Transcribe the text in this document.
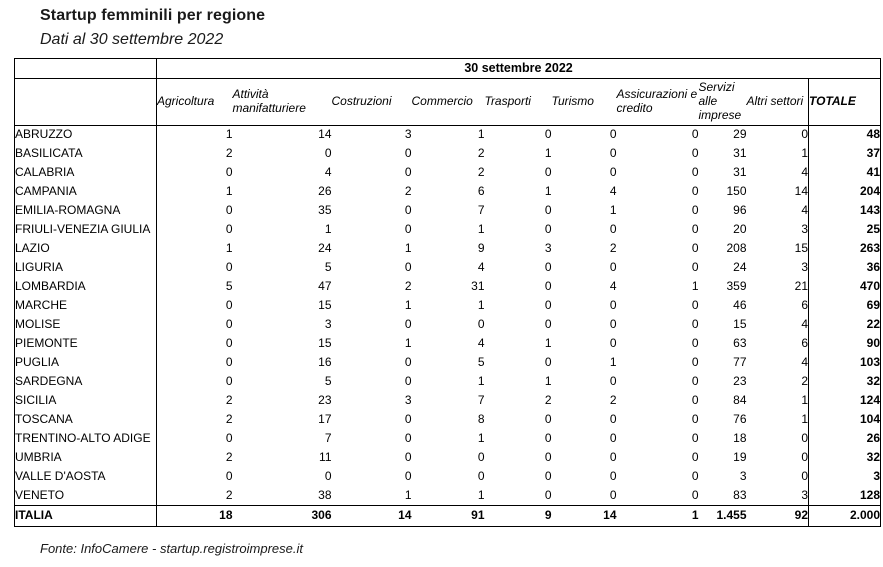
Startup femminili per regione
Dati al 30 settembre 2022
	30 settembre 2022									
	Agricoltura	Attività manifatturiere	Costruzioni	Commercio	Trasporti	Turismo	Assicurazioni e credito	Servizi alle imprese	Altri settori	TOTALE
ABRUZZO	1	14	3	1	0	0	0	29	0	48
BASILICATA	2	0	0	2	1	0	0	31	1	37
CALABRIA	0	4	0	2	0	0	0	31	4	41
CAMPANIA	1	26	2	6	1	4	0	150	14	204
EMILIA-ROMAGNA	0	35	0	7	0	1	0	96	4	143
FRIULI-VENEZIA GIULIA	0	1	0	1	0	0	0	20	3	25
LAZIO	1	24	1	9	3	2	0	208	15	263
LIGURIA	0	5	0	4	0	0	0	24	3	36
LOMBARDIA	5	47	2	31	0	4	1	359	21	470
MARCHE	0	15	1	1	0	0	0	46	6	69
MOLISE	0	3	0	0	0	0	0	15	4	22
PIEMONTE	0	15	1	4	1	0	0	63	6	90
PUGLIA	0	16	0	5	0	1	0	77	4	103
SARDEGNA	0	5	0	1	1	0	0	23	2	32
SICILIA	2	23	3	7	2	2	0	84	1	124
TOSCANA	2	17	0	8	0	0	0	76	1	104
TRENTINO-ALTO ADIGE	0	7	0	1	0	0	0	18	0	26
UMBRIA	2	11	0	0	0	0	0	19	0	32
VALLE D'AOSTA	0	0	0	0	0	0	0	3	0	3
VENETO	2	38	1	1	0	0	0	83	3	128
ITALIA	18	306	14	91	9	14	1	1.455	92	2.000
Fonte: InfoCamere - startup.registroimprese.it
